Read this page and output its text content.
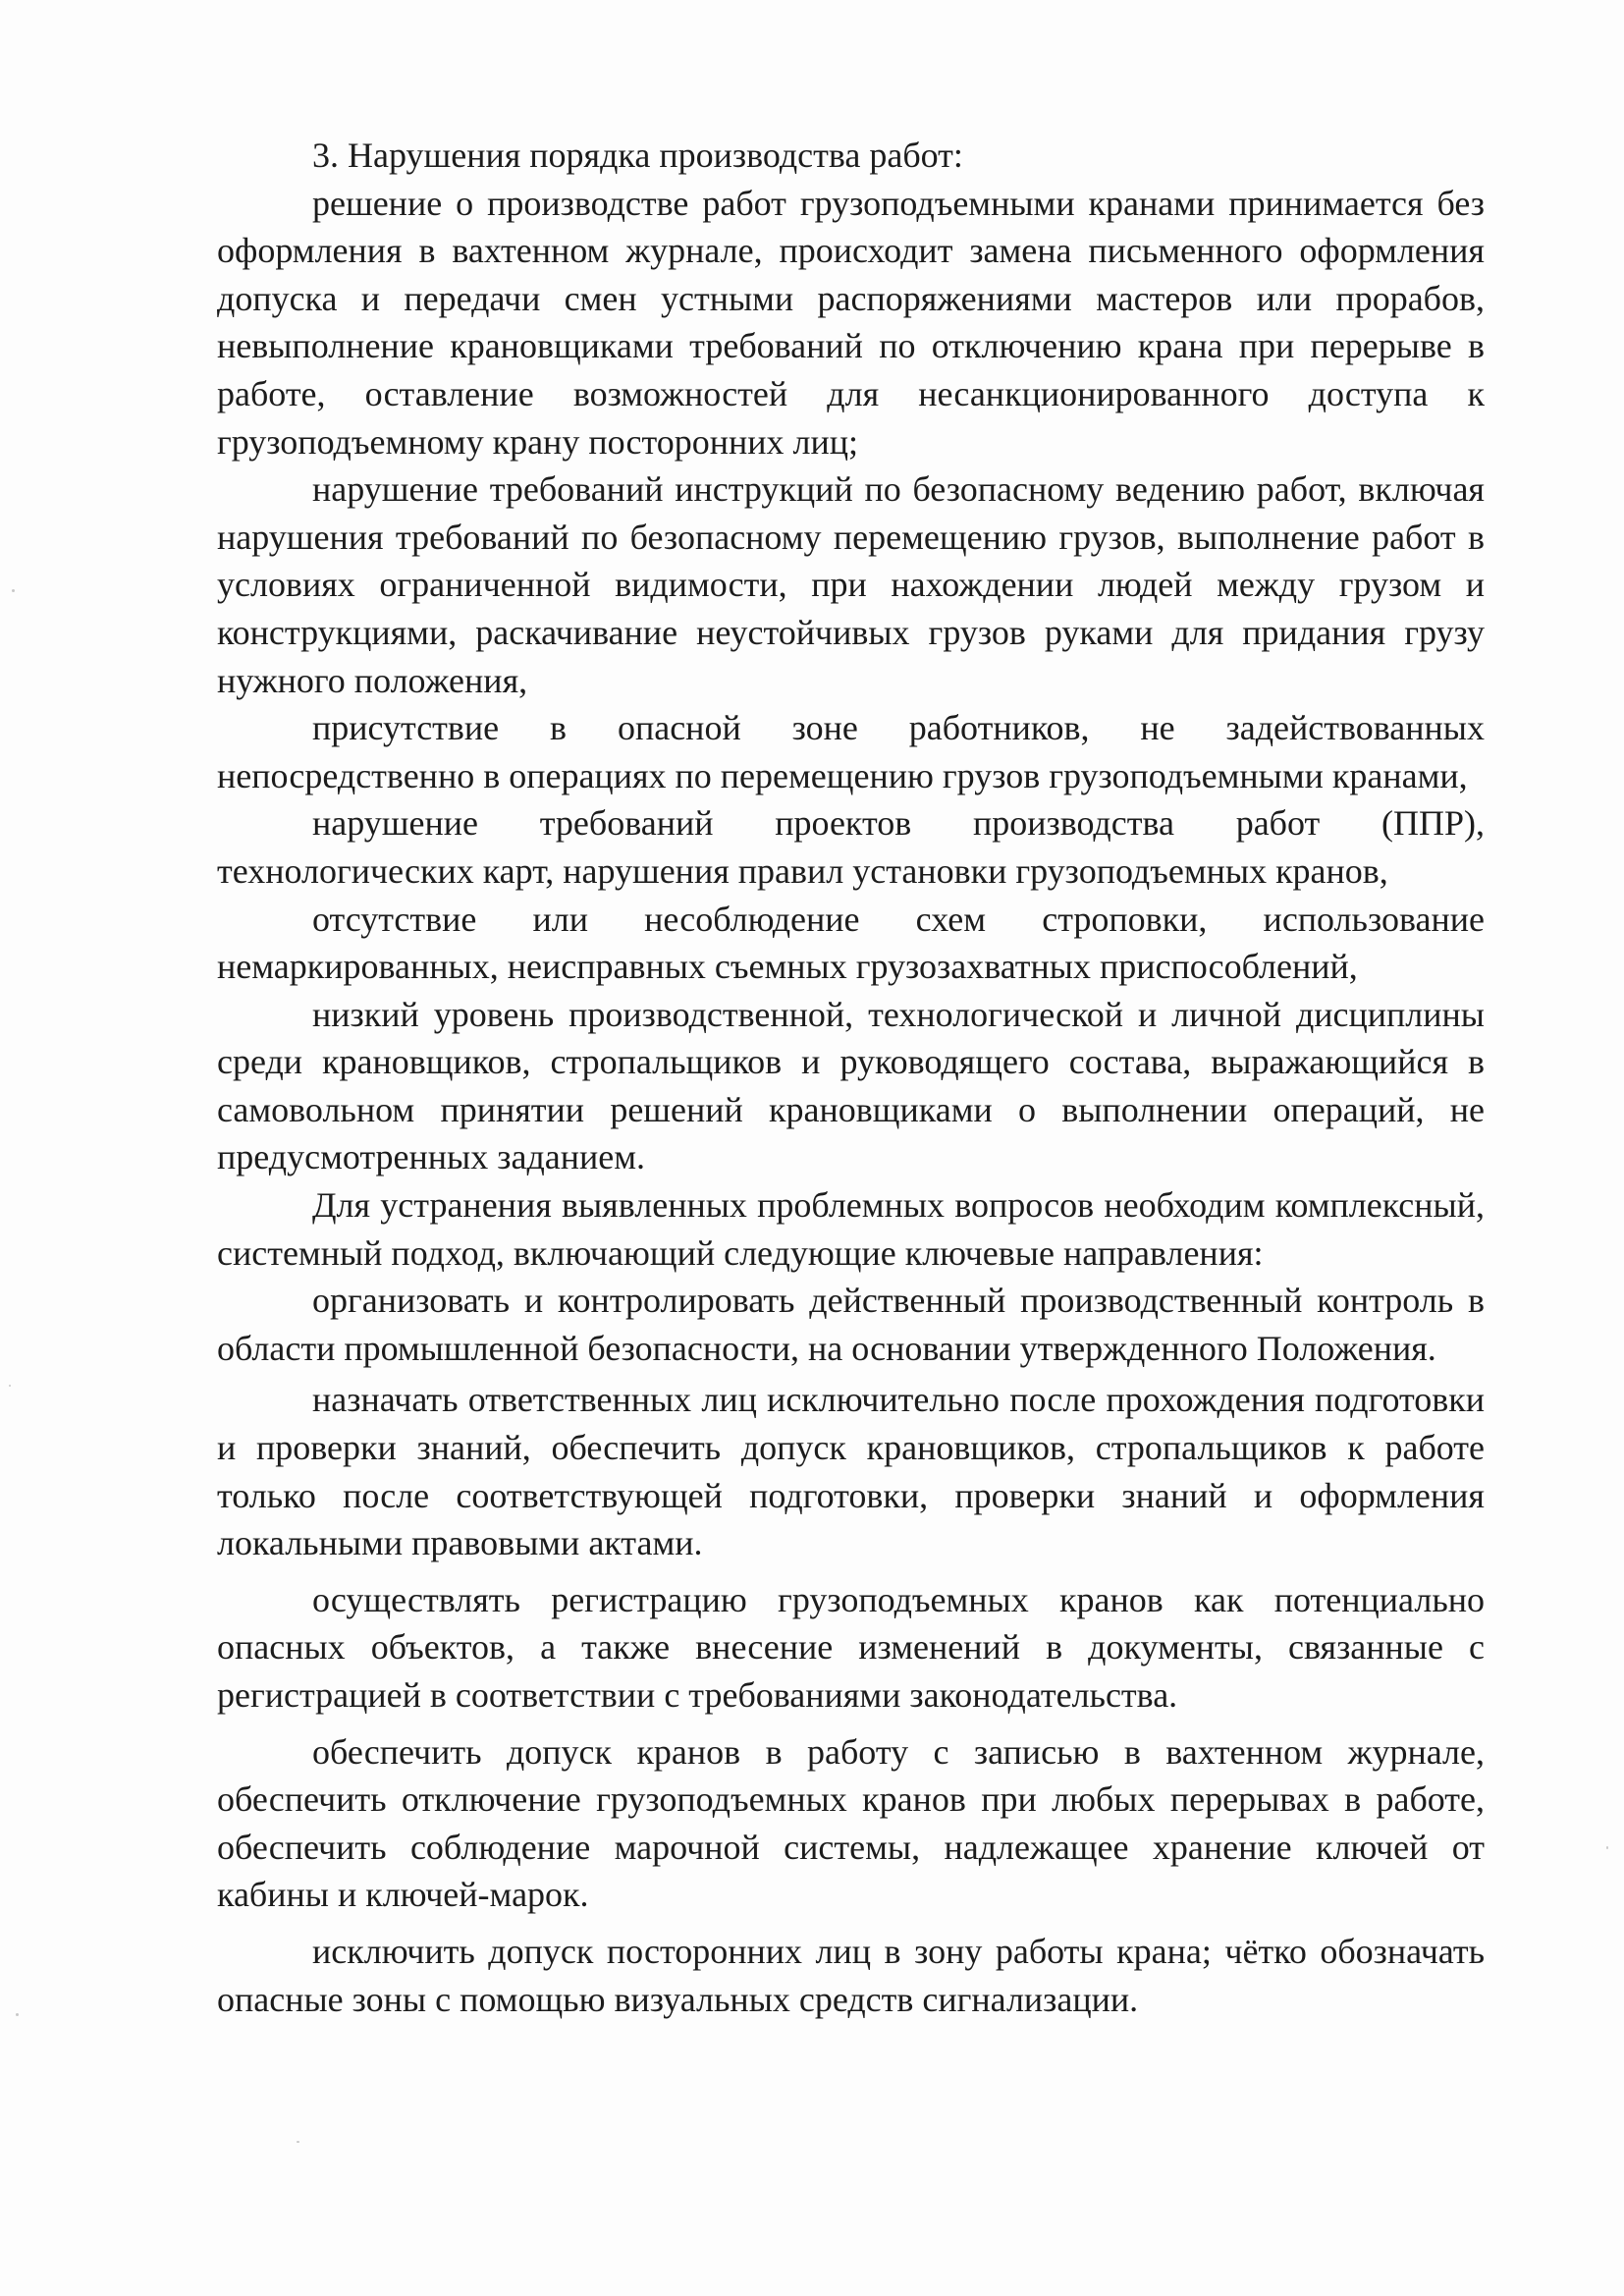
3. Нарушения порядка производства работ:

решение о производстве работ грузоподъемными кранами принимается без оформления в вахтенном журнале, происходит замена письменного оформления допуска и передачи смен устными распоряжениями мастеров или прорабов, невыполнение крановщиками требований по отключению крана при перерыве в работе, оставление возможностей для несанкционированного доступа к грузоподъемному крану посторонних лиц;

нарушение требований инструкций по безопасному ведению работ, включая нарушения требований по безопасному перемещению грузов, выполнение работ в условиях ограниченной видимости, при нахождении людей между грузом и конструкциями, раскачивание неустойчивых грузов руками для придания грузу нужного положения,

присутствие в опасной зоне работников, не задействованных непосредственно в операциях по перемещению грузов грузоподъемными кранами,

нарушение требований проектов производства работ (ППР), технологических карт, нарушения правил установки грузоподъемных кранов,

отсутствие или несоблюдение схем строповки, использование немаркированных, неисправных съемных грузозахватных приспособлений,

низкий уровень производственной, технологической и личной дисциплины среди крановщиков, стропальщиков и руководящего состава, выражающийся в самовольном принятии решений крановщиками о выполнении операций, не предусмотренных заданием.

Для устранения выявленных проблемных вопросов необходим комплексный, системный подход, включающий следующие ключевые направления:

организовать и контролировать действенный производственный контроль в области промышленной безопасности, на основании утвержденного Положения.

назначать ответственных лиц исключительно после прохождения подготовки и проверки знаний, обеспечить допуск крановщиков, стропальщиков к работе только после соответствующей подготовки, проверки знаний и оформления локальными правовыми актами.

осуществлять регистрацию грузоподъемных кранов как потенциально опасных объектов, а также внесение изменений в документы, связанные с регистрацией в соответствии с требованиями законодательства.

обеспечить допуск кранов в работу с записью в вахтенном журнале, обеспечить отключение грузоподъемных кранов при любых перерывах в работе, обеспечить соблюдение марочной системы, надлежащее хранение ключей от кабины и ключей-марок.

исключить допуск посторонних лиц в зону работы крана; чётко обозначать опасные зоны с помощью визуальных средств сигнализации.
